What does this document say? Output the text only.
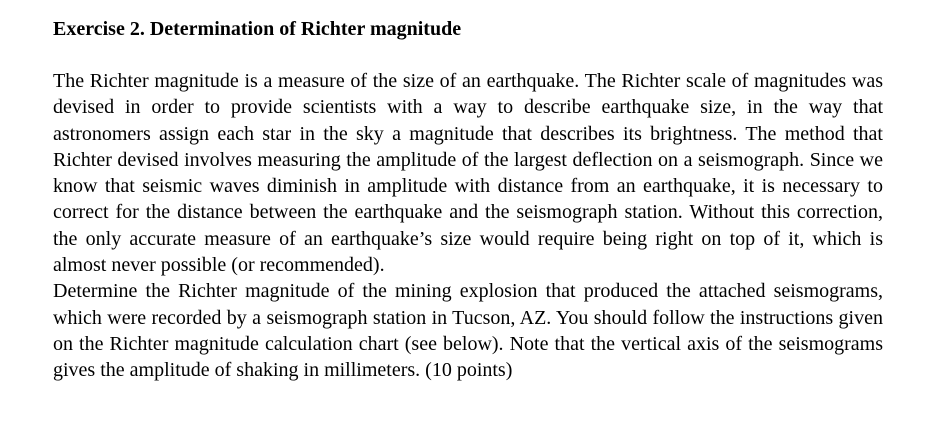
Exercise 2. Determination of Richter magnitude

The Richter magnitude is a measure of the size of an earthquake. The Richter scale of magnitudes was devised in order to provide scientists with a way to describe earthquake size, in the way that astronomers assign each star in the sky a magnitude that describes its brightness. The method that Richter devised involves measuring the amplitude of the largest deflection on a seismograph. Since we know that seismic waves diminish in amplitude with distance from an earthquake, it is necessary to correct for the distance between the earthquake and the seismograph station. Without this correction, the only accurate measure of an earthquake’s size would require being right on top of it, which is almost never possible (or recommended).

Determine the Richter magnitude of the mining explosion that produced the attached seismograms, which were recorded by a seismograph station in Tucson, AZ. You should follow the instructions given on the Richter magnitude calculation chart (see below). Note that the vertical axis of the seismograms gives the amplitude of shaking in millimeters. (10 points)
